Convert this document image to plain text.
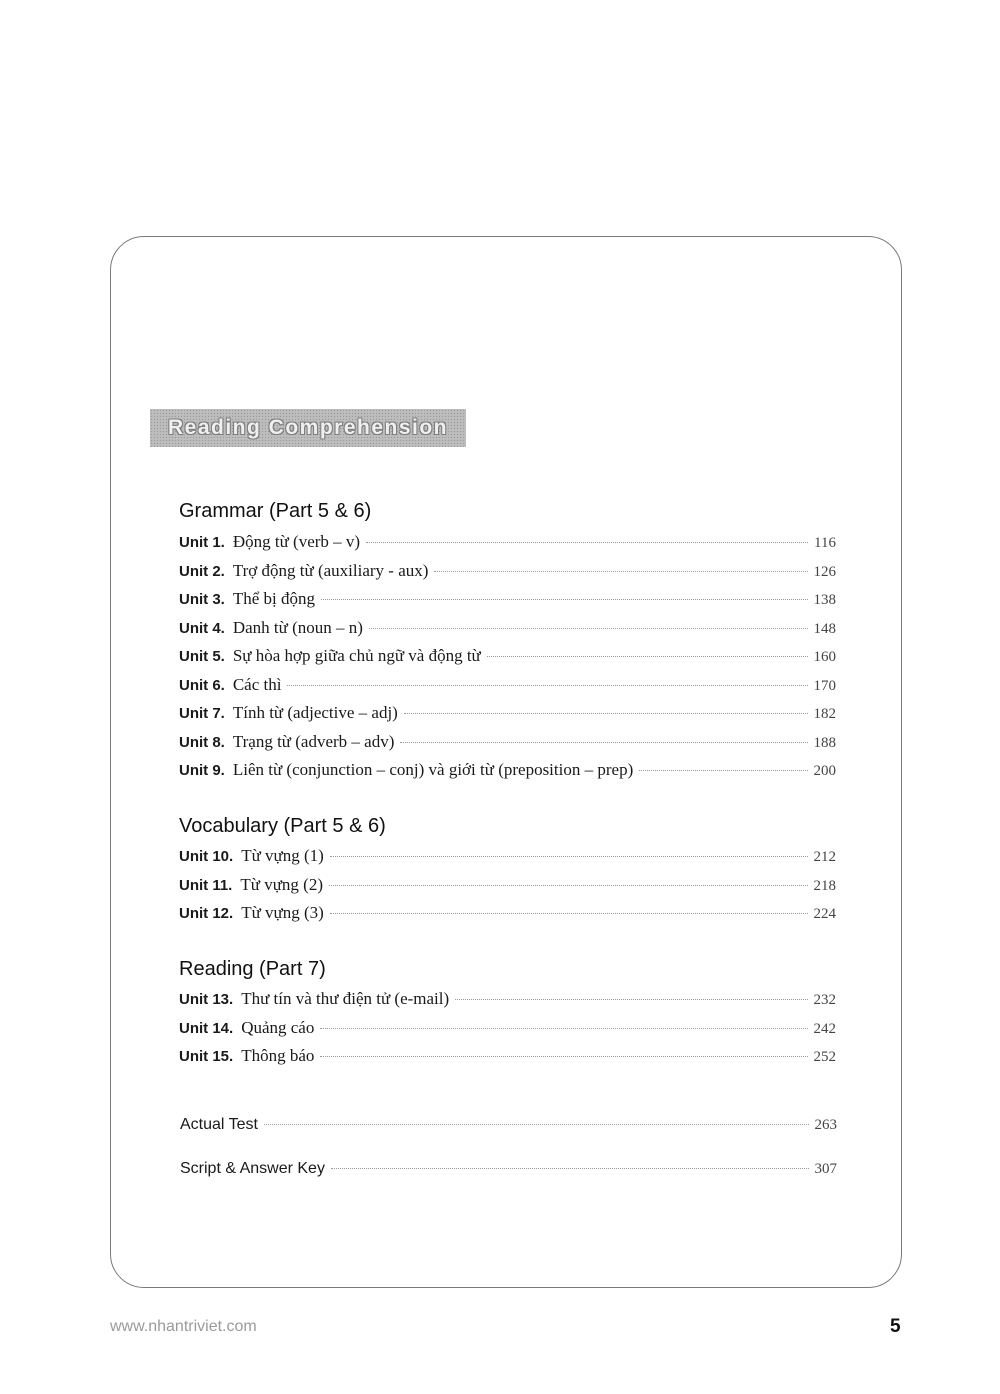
Reading Comprehension
Grammar (Part 5 & 6)
Unit 1. Động từ (verb – v)	116
Unit 2. Trợ động từ (auxiliary - aux)	126
Unit 3. Thể bị động	138
Unit 4. Danh từ (noun – n)	148
Unit 5. Sự hòa hợp giữa chủ ngữ và động từ	160
Unit 6. Các thì	170
Unit 7. Tính từ (adjective – adj)	182
Unit 8. Trạng từ (adverb – adv)	188
Unit 9. Liên từ (conjunction – conj) và giới từ (preposition – prep)	200
Vocabulary (Part 5 & 6)
Unit 10. Từ vựng (1)	212
Unit 11. Từ vựng (2)	218
Unit 12. Từ vựng (3)	224
Reading (Part 7)
Unit 13. Thư tín và thư điện tử (e-mail)	232
Unit 14. Quảng cáo	242
Unit 15. Thông báo	252
Actual Test	263
Script & Answer Key	307
www.nhantriviet.com	5
